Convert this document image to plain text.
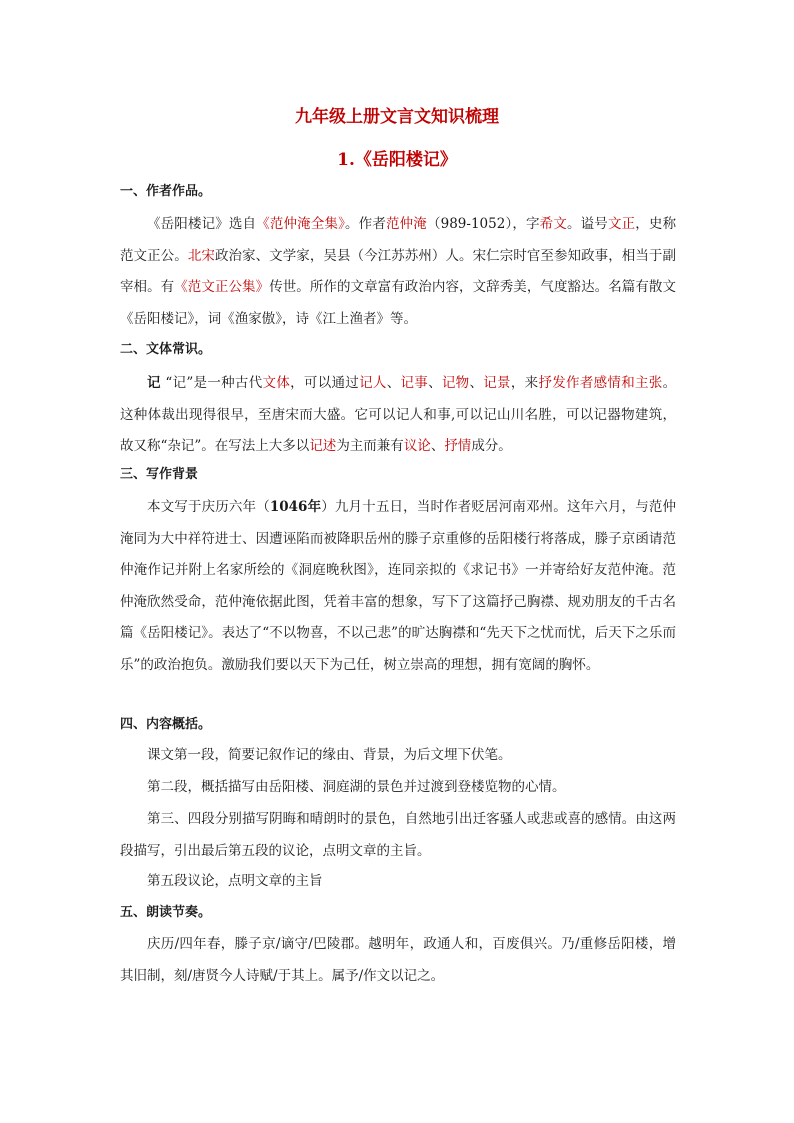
九年级上册文言文知识梳理
1.《岳阳楼记》
一、作者作品。
《岳阳楼记》选自《范仲淹全集》。作者范仲淹（989-1052），字希文。谥号文正，史称范文正公。北宋政治家、文学家，吴县（今江苏苏州）人。宋仁宗时官至参知政事，相当于副宰相。有《范文正公集》传世。所作的文章富有政治内容，文辞秀美，气度豁达。名篇有散文《岳阳楼记》，词《渔家傲》，诗《江上渔者》等。
二、文体常识。
记 “记”是一种古代文体，可以通过记人、记事、记物、记景，来抒发作者感情和主张。这种体裁出现得很早，至唐宋而大盛。它可以记人和事,可以记山川名胜，可以记器物建筑，故又称“杂记”。在写法上大多以记述为主而兼有议论、抒情成分。
三、写作背景
本文写于庆历六年（1046年）九月十五日，当时作者贬居河南邓州。这年六月，与范仲淹同为大中祥符进士、因遭诬陷而被降职岳州的滕子京重修的岳阳楼行将落成，滕子京函请范仲淹作记并附上名家所绘的《洞庭晚秋图》，连同亲拟的《求记书》一并寄给好友范仲淹。范仲淹欣然受命，范仲淹依据此图，凭着丰富的想象，写下了这篇抒己胸襟、规劝朋友的千古名篇《岳阳楼记》。表达了“不以物喜，不以己悲”的旷达胸襟和“先天下之忧而忧，后天下之乐而乐”的政治抱负。激励我们要以天下为己任，树立崇高的理想，拥有宽阔的胸怀。
四、内容概括。
课文第一段，简要记叙作记的缘由、背景，为后文埋下伏笔。
第二段，概括描写由岳阳楼、洞庭湖的景色并过渡到登楼览物的心情。
第三、四段分别描写阴晦和晴朗时的景色，自然地引出迁客骚人或悲或喜的感情。由这两段描写，引出最后第五段的议论，点明文章的主旨。
第五段议论，点明文章的主旨
五、朗读节奏。
庆历/四年春，滕子京/谪守/巴陵郡。越明年，政通人和，百废俱兴。乃/重修岳阳楼，增其旧制，刻/唐贤今人诗赋/于其上。属予/作文以记之。
